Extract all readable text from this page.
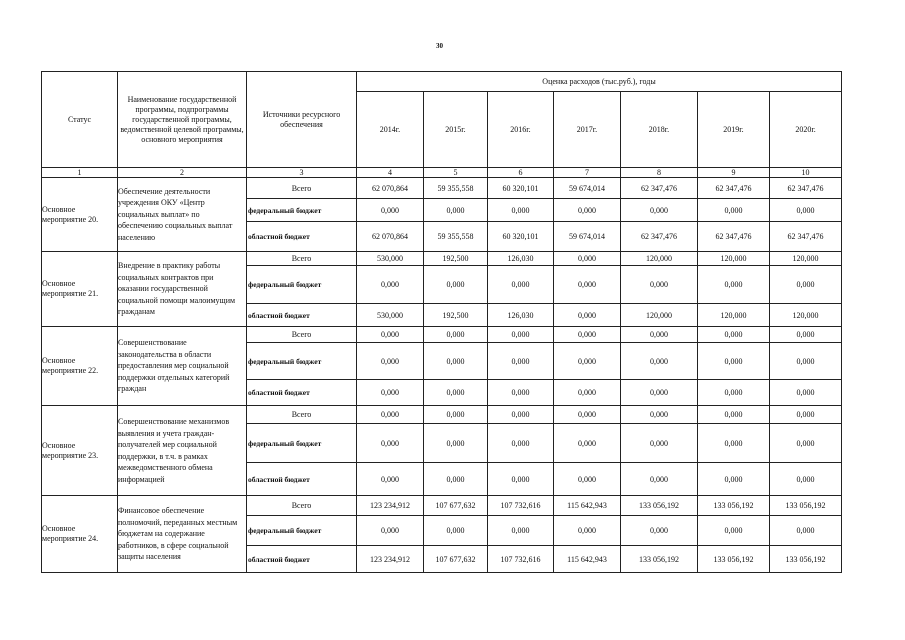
30
Статус	Наименование государственной программы, подпрограммы государственной программы, ведомственной целевой программы, основного мероприятия	Источники ресурсного обеспечения	Оценка расходов (тыс.руб.), годы						
			2014г.	2015г.	2016г.	2017г.	2018г.	2019г.	2020г.
1	2	3	4	5	6	7	8	9	10
Основное мероприятие 20.	Обеспечение деятельности учреждения ОКУ «Центр социальных выплат» по обеспечению социальных выплат населению	Всего	62 070,864	59 355,558	60 320,101	59 674,014	62 347,476	62 347,476	62 347,476
		федеральный бюджет	0,000	0,000	0,000	0,000	0,000	0,000	0,000
		областной бюджет	62 070,864	59 355,558	60 320,101	59 674,014	62 347,476	62 347,476	62 347,476
Основное мероприятие 21.	Внедрение в практику работы социальных контрактов при оказании государственной социальной помощи малоимущим гражданам	Всего	530,000	192,500	126,030	0,000	120,000	120,000	120,000
		федеральный бюджет	0,000	0,000	0,000	0,000	0,000	0,000	0,000
		областной бюджет	530,000	192,500	126,030	0,000	120,000	120,000	120,000
Основное мероприятие 22.	Совершенствование законодательства в области предоставления мер социальной поддержки отдельных категорий граждан	Всего	0,000	0,000	0,000	0,000	0,000	0,000	0,000
		федеральный бюджет	0,000	0,000	0,000	0,000	0,000	0,000	0,000
		областной бюджет	0,000	0,000	0,000	0,000	0,000	0,000	0,000
Основное мероприятие 23.	Совершенствование механизмов выявления и учета граждан-получателей мер социальной поддержки, в т.ч. в рамках межведомственного обмена информацией	Всего	0,000	0,000	0,000	0,000	0,000	0,000	0,000
		федеральный бюджет	0,000	0,000	0,000	0,000	0,000	0,000	0,000
		областной бюджет	0,000	0,000	0,000	0,000	0,000	0,000	0,000
Основное мероприятие 24.	Финансовое обеспечение полномочий, переданных местным бюджетам на содержание работников, в сфере социальной защиты населения	Всего	123 234,912	107 677,632	107 732,616	115 642,943	133 056,192	133 056,192	133 056,192
		федеральный бюджет	0,000	0,000	0,000	0,000	0,000	0,000	0,000
		областной бюджет	123 234,912	107 677,632	107 732,616	115 642,943	133 056,192	133 056,192	133 056,192
